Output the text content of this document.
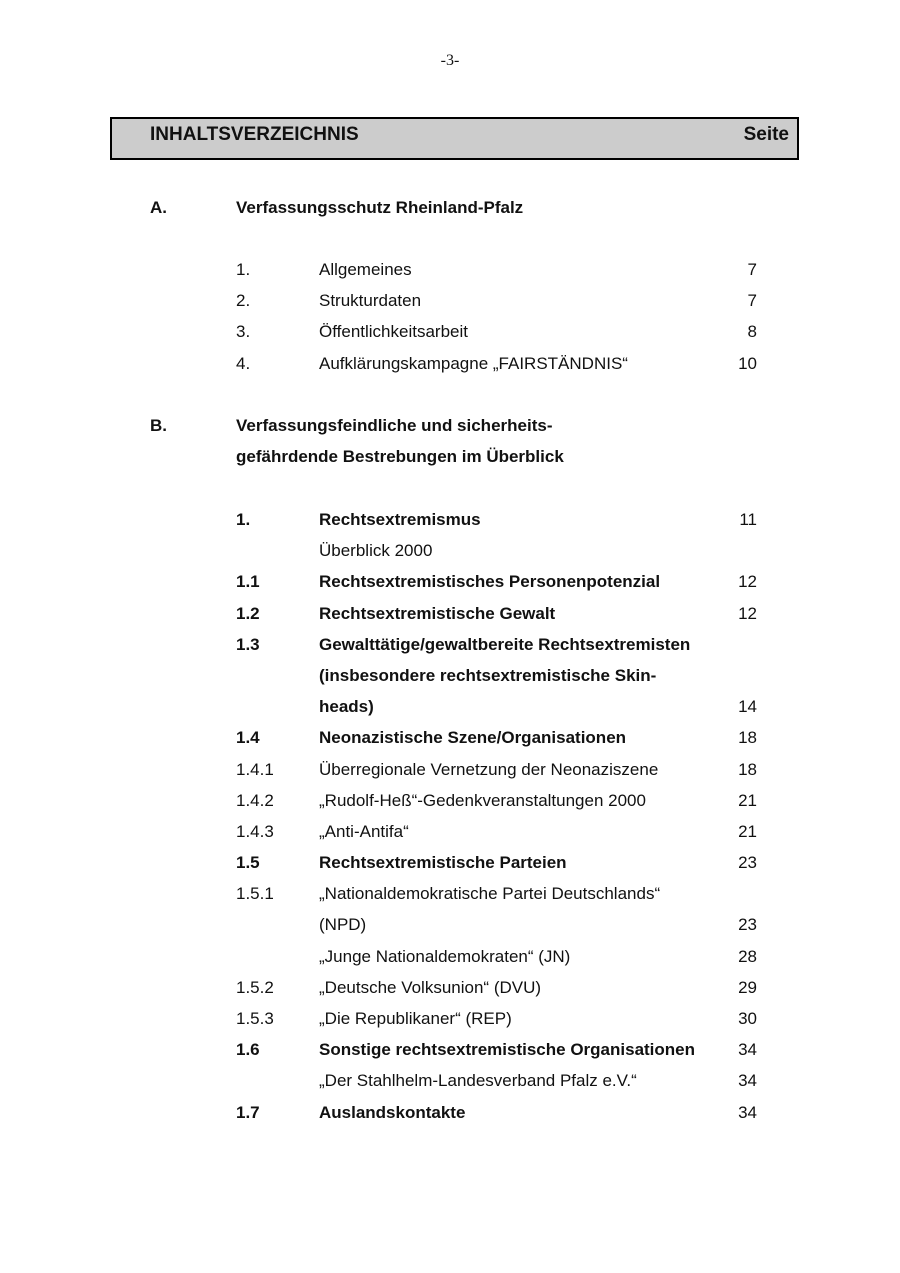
-3-
INHALTSVERZEICHNIS	Seite
A.	Verfassungsschutz Rheinland-Pfalz
1.	Allgemeines	7
2.	Strukturdaten	7
3.	Öffentlichkeitsarbeit	8
4.	Aufklärungskampagne „FAIRSTÄNDNIS“	10
B.	Verfassungsfeindliche und sicherheits-
gefährdende Bestrebungen im Überblick
1.	Rechtsextremismus	11
Überblick 2000
1.1	Rechtsextremistisches Personenpotenzial	12
1.2	Rechtsextremistische Gewalt	12
1.3	Gewalttätige/gewaltbereite Rechtsextremisten
(insbesondere rechtsextremistische Skin-
heads)	14
1.4	Neonazistische Szene/Organisationen	18
1.4.1	Überregionale Vernetzung der Neonaziszene	18
1.4.2	„Rudolf-Heß“-Gedenkveranstaltungen 2000	21
1.4.3	„Anti-Antifa“	21
1.5	Rechtsextremistische Parteien	23
1.5.1	„Nationaldemokratische Partei Deutschlands“
(NPD)	23
„Junge Nationaldemokraten“ (JN)	28
1.5.2	„Deutsche Volksunion“ (DVU)	29
1.5.3	„Die Republikaner“ (REP)	30
1.6	Sonstige rechtsextremistische Organisationen	34
„Der Stahlhelm-Landesverband Pfalz e.V.“	34
1.7	Auslandskontakte	34
